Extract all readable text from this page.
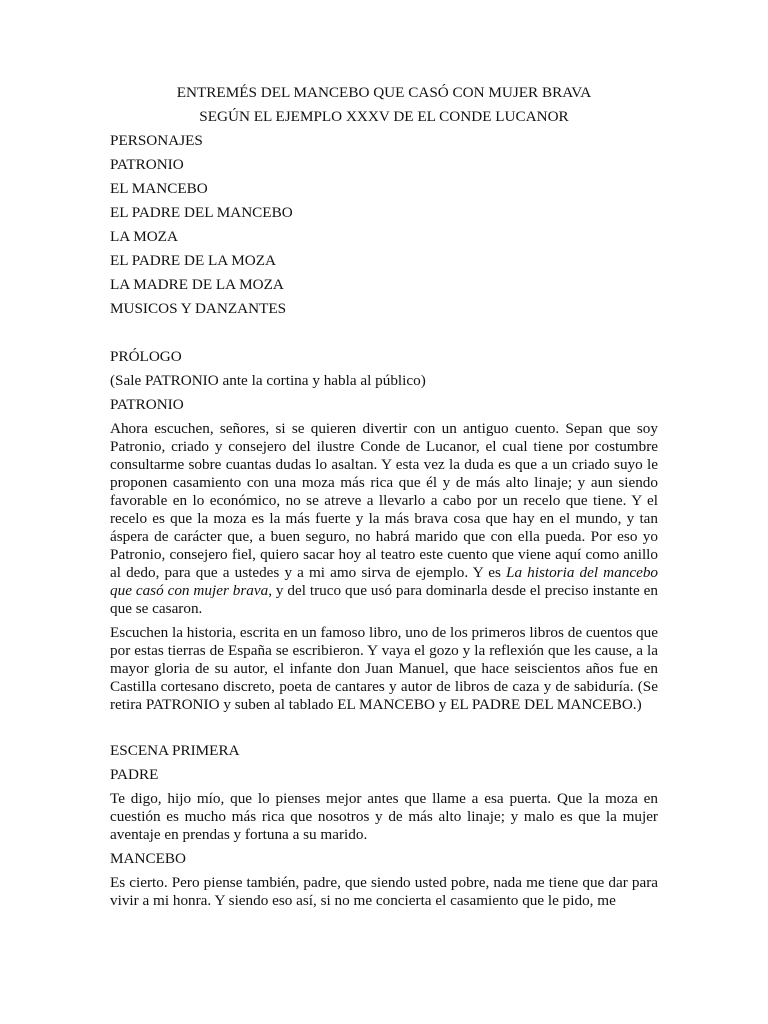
ENTREMÉS DEL MANCEBO QUE CASÓ CON MUJER BRAVA

SEGÚN EL EJEMPLO XXXV DE EL CONDE LUCANOR

PERSONAJES
PATRONIO
EL MANCEBO
EL PADRE DEL MANCEBO
LA MOZA
EL PADRE DE LA MOZA
LA MADRE DE LA MOZA
MUSICOS Y DANZANTES

PRÓLOGO

(Sale PATRONIO ante la cortina y habla al público)

PATRONIO

Ahora escuchen, señores, si se quieren divertir con un antiguo cuento. Sepan que soy Patronio, criado y consejero del ilustre Conde de Lucanor, el cual tiene por costumbre consultarme sobre cuantas dudas lo asaltan. Y esta vez la duda es que a un criado suyo le proponen casamiento con una moza más rica que él y de más alto linaje; y aun siendo favorable en lo económico, no se atreve a llevarlo a cabo por un recelo que tiene. Y el recelo es que la moza es la más fuerte y la más brava cosa que hay en el mundo, y tan áspera de carácter que, a buen seguro, no habrá marido que con ella pueda. Por eso yo Patronio, consejero fiel, quiero sacar hoy al teatro este cuento que viene aquí como anillo al dedo, para que a ustedes y a mi amo sirva de ejemplo. Y es La historia del mancebo que casó con mujer brava, y del truco que usó para dominarla desde el preciso instante en que se casaron.

Escuchen la historia, escrita en un famoso libro, uno de los primeros libros de cuentos que por estas tierras de España se escribieron. Y vaya el gozo y la reflexión que les cause, a la mayor gloria de su autor, el infante don Juan Manuel, que hace seiscientos años fue en Castilla cortesano discreto, poeta de cantares y autor de libros de caza y de sabiduría. (Se retira PATRONIO y suben al tablado EL MANCEBO y EL PADRE DEL MANCEBO.)

ESCENA PRIMERA

PADRE

Te digo, hijo mío, que lo pienses mejor antes que llame a esa puerta. Que la moza en cuestión es mucho más rica que nosotros y de más alto linaje; y malo es que la mujer aventaje en prendas y fortuna a su marido.

MANCEBO

Es cierto. Pero piense también, padre, que siendo usted pobre, nada me tiene que dar para vivir a mi honra. Y siendo eso así, si no me concierta el casamiento que le pido, me
